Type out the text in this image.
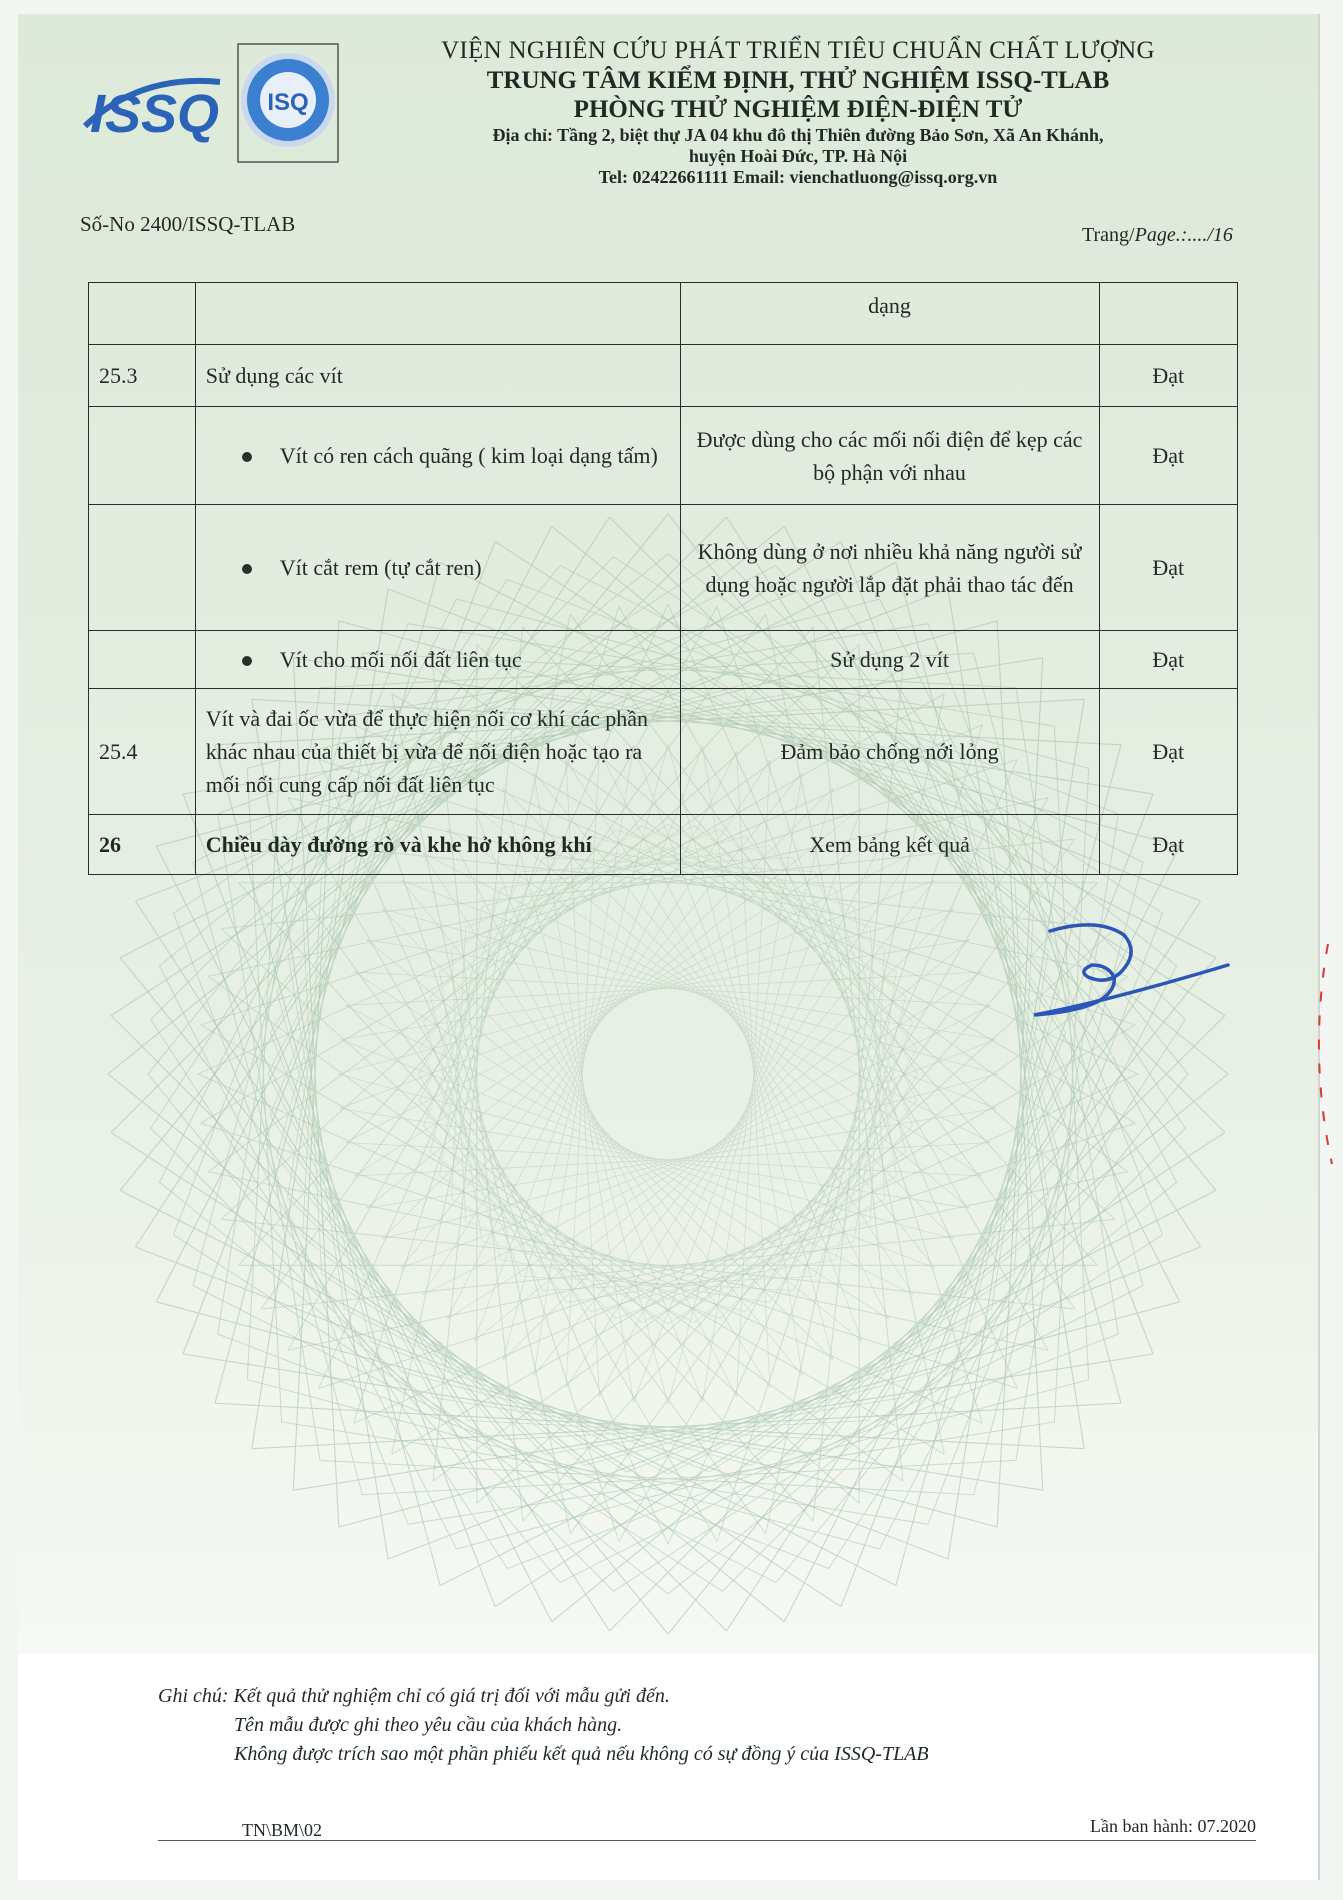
ISSQ ISQ
VIỆN NGHIÊN CỨU PHÁT TRIỂN TIÊU CHUẨN CHẤT LƯỢNG
TRUNG TÂM KIỂM ĐỊNH, THỬ NGHIỆM ISSQ-TLAB
PHÒNG THỬ NGHIỆM ĐIỆN-ĐIỆN TỬ
Địa chỉ: Tầng 2, biệt thự JA 04 khu đô thị Thiên đường Bảo Sơn, Xã An Khánh,
huyện Hoài Đức, TP. Hà Nội
Tel: 02422661111 Email: vienchatluong@issq.org.vn
Số-No 2400/ISSQ-TLAB	Trang/Page.:..../16
		dạng	
25.3	Sử dụng các vít		Đạt

	Vít có ren cách quãng ( kim loại dạng tấm)	Được dùng cho các mối nối điện để kẹp các bộ phận với nhau	Đạt

	Vít cắt rem (tự cắt ren)	Không dùng ở nơi nhiều khả năng người sử dụng hoặc người lắp đặt phải thao tác đến	Đạt

	Vít cho mối nối đất liên tục	Sử dụng 2 vít	Đạt
25.4	Vít và đai ốc vừa để thực hiện nối cơ khí các phần khác nhau của thiết bị vừa để nối điện hoặc tạo ra mối nối cung cấp nối đất liên tục	Đảm bảo chống nới lỏng	Đạt
26	Chiều dày đường rò và khe hở không khí	Xem bảng kết quả	Đạt
Ghi chú: Kết quả thử nghiệm chỉ có giá trị đối với mẫu gửi đến.
Tên mẫu được ghi theo yêu cầu của khách hàng.
Không được trích sao một phần phiếu kết quả nếu không có sự đồng ý của ISSQ-TLAB
TN\BM\02	Lần ban hành: 07.2020
